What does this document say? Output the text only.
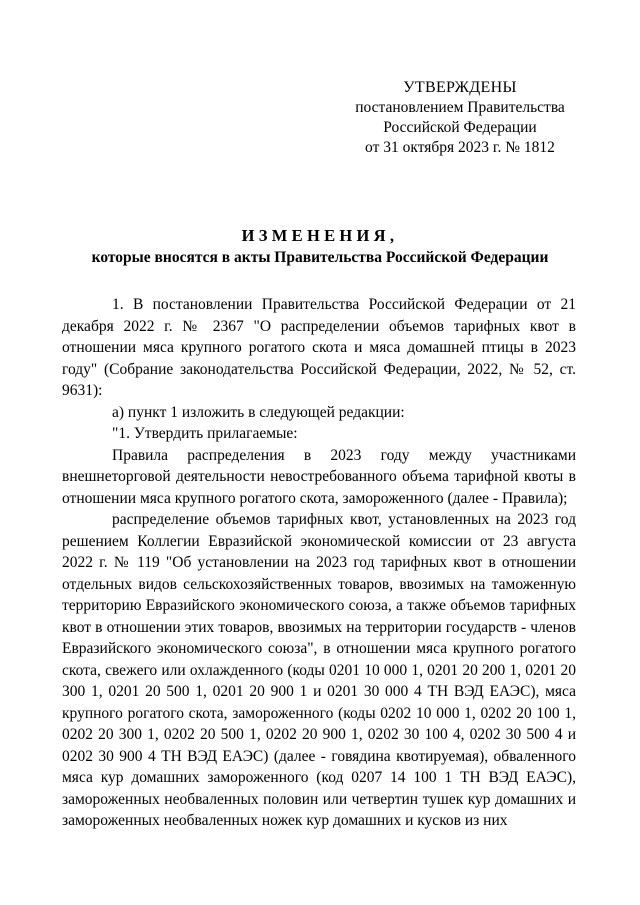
УТВЕРЖДЕНЫ
постановлением Правительства
Российской Федерации
от 31 октября 2023 г. № 1812
ИЗМЕНЕНИЯ,
которые вносятся в акты Правительства Российской Федерации

1. В постановлении Правительства Российской Федерации от 21 декабря 2022 г. № 2367 "О распределении объемов тарифных квот в отношении мяса крупного рогатого скота и мяса домашней птицы в 2023 году" (Собрание законодательства Российской Федерации, 2022, № 52, ст. 9631):

а) пункт 1 изложить в следующей редакции:

"1. Утвердить прилагаемые:

Правила распределения в 2023 году между участниками внешнеторговой деятельности невостребованного объема тарифной квоты в отношении мяса крупного рогатого скота, замороженного (далее - Правила);

распределение объемов тарифных квот, установленных на 2023 год решением Коллегии Евразийской экономической комиссии от 23 августа 2022 г. № 119 "Об установлении на 2023 год тарифных квот в отношении отдельных видов сельскохозяйственных товаров, ввозимых на таможенную территорию Евразийского экономического союза, а также объемов тарифных квот в отношении этих товаров, ввозимых на территории государств - членов Евразийского экономического союза", в отношении мяса крупного рогатого скота, свежего или охлажденного (коды 0201 10 000 1, 0201 20 200 1, 0201 20 300 1, 0201 20 500 1, 0201 20 900 1 и 0201 30 000 4 ТН ВЭД ЕАЭС), мяса крупного рогатого скота, замороженного (коды 0202 10 000 1, 0202 20 100 1, 0202 20 300 1, 0202 20 500 1, 0202 20 900 1, 0202 30 100 4, 0202 30 500 4 и 0202 30 900 4 ТН ВЭД ЕАЭС) (далее - говядина квотируемая), обваленного мяса кур домашних замороженного (код 0207 14 100 1 ТН ВЭД ЕАЭС), замороженных необваленных половин или четвертин тушек кур домашних и замороженных необваленных ножек кур домашних и кусков из них
